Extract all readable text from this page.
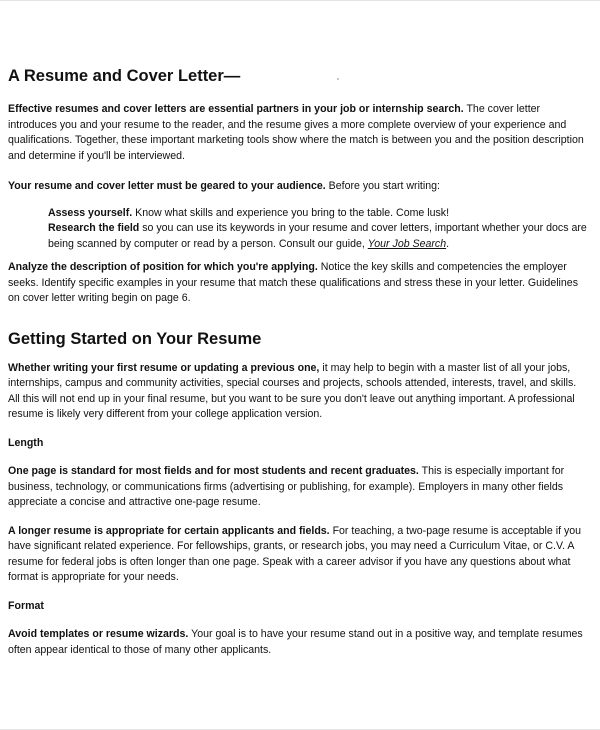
A Resume and Cover Letter—

Effective resumes and cover letters are essential partners in your job or internship search. The cover letter introduces you and your resume to the reader, and the resume gives a more complete overview of your experience and qualifications. Together, these important marketing tools show where the match is between you and the position description and determine if you'll be interviewed.

Your resume and cover letter must be geared to your audience. Before you start writing:

Assess yourself. Know what skills and experience you bring to the table. Come lusk!

Research the field so you can use its keywords in your resume and cover letters, important whether your docs are being scanned by computer or read by a person. Consult our guide, Your Job Search.

Analyze the description of position for which you're applying. Notice the key skills and competencies the employer seeks. Identify specific examples in your resume that match these qualifications and stress these in your letter. Guidelines on cover letter writing begin on page 6.

Getting Started on Your Resume

Whether writing your first resume or updating a previous one, it may help to begin with a master list of all your jobs, internships, campus and community activities, special courses and projects, schools attended, interests, travel, and skills. All this will not end up in your final resume, but you want to be sure you don't leave out anything important. A professional resume is likely very different from your college application version.

Length

One page is standard for most fields and for most students and recent graduates. This is especially important for business, technology, or communications firms (advertising or publishing, for example). Employers in many other fields appreciate a concise and attractive one-page resume.

A longer resume is appropriate for certain applicants and fields. For teaching, a two-page resume is acceptable if you have significant related experience. For fellowships, grants, or research jobs, you may need a Curriculum Vitae, or C.V. A resume for federal jobs is often longer than one page. Speak with a career advisor if you have any questions about what format is appropriate for your needs.

Format

Avoid templates or resume wizards. Your goal is to have your resume stand out in a positive way, and template resumes often appear identical to those of many other applicants.
